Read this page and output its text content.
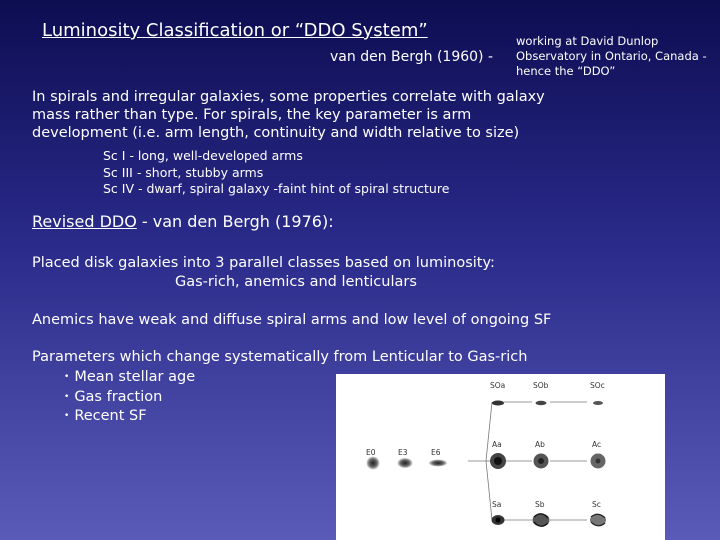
Luminosity Classification or “DDO System”
van den Bergh (1960) -
working at David Dunlop Observatory in Ontario, Canada - hence the “DDO”
In spirals and irregular galaxies, some properties correlate with galaxy
mass rather than type. For spirals, the key parameter is arm
development (i.e. arm length, continuity and width relative to size)
Sc I - long, well-developed arms
Sc III - short, stubby arms
Sc IV - dwarf, spiral galaxy -faint hint of spiral structure
Revised DDO - van den Bergh (1976):
Placed disk galaxies into 3 parallel classes based on luminosity:
Gas-rich, anemics and lenticulars
Anemics have weak and diffuse spiral arms and low level of ongoing SF
Parameters which change systematically from Lenticular to Gas-rich
• Mean stellar age
• Gas fraction
• Recent SF
E0	E3	E6
SOa	SOb	SOc
Aa	Ab	Ac
Sa	Sb	Sc
